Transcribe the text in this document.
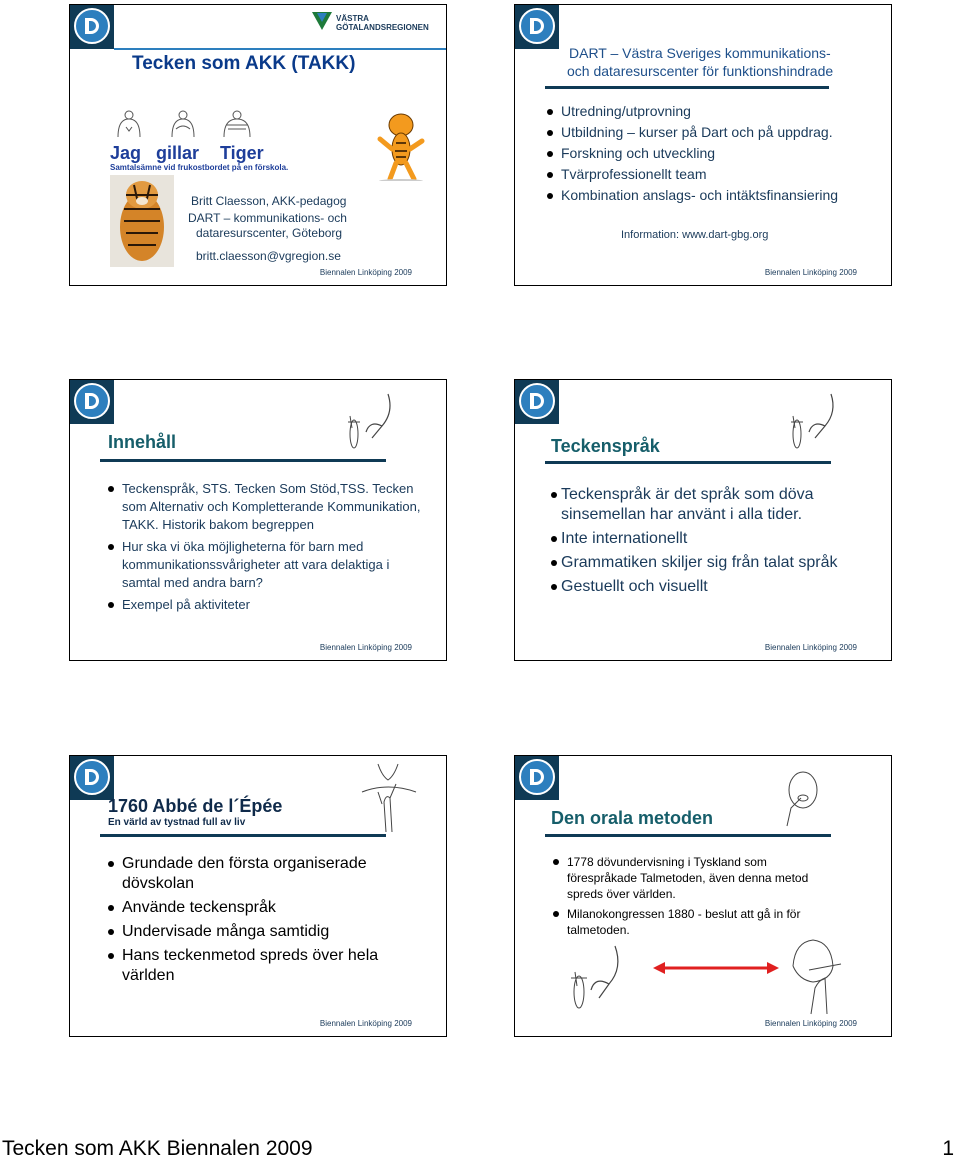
VÄSTRA GÖTALANDSREGIONEN
Tecken som AKK (TAKK)
Jag gillar Tiger
Samtalsämne vid frukostbordet på en förskola.
Britt Claesson, AKK-pedagog
DART – kommunikations- och
dataresurscenter, Göteborg
britt.claesson@vgregion.se
Biennalen Linköping 2009
DART – Västra Sveriges kommunikations-
och dataresurscenter för funktionshindrade
Utredning/utprovning
Utbildning – kurser på Dart och på uppdrag.
Forskning och utveckling
Tvärprofessionellt team
Kombination anslags- och intäktsfinansiering
Information: www.dart-gbg.org
Biennalen Linköping 2009
Innehåll
Teckenspråk, STS. Tecken Som Stöd,TSS. Tecken som Alternativ och Kompletterande Kommunikation, TAKK. Historik bakom begreppen
Hur ska vi öka möjligheterna för barn med kommunikationssvårigheter att vara delaktiga i samtal med andra barn?
Exempel på aktiviteter
Biennalen Linköping 2009
Teckenspråk
Teckenspråk är det språk som döva sinsemellan har använt i alla tider.
Inte internationellt
Grammatiken skiljer sig från talat språk
Gestuellt och visuellt
Biennalen Linköping 2009
1760 Abbé de l´Épée
En värld av tystnad full av liv
Grundade den första organiserade dövskolan
Använde teckenspråk
Undervisade många samtidig
Hans teckenmetod spreds över hela världen
Biennalen Linköping 2009
Den orala metoden
1778 dövundervisning i Tyskland som förespråkade Talmetoden, även denna metod spreds över världen.
Milanokongressen 1880 - beslut att gå in för talmetoden.
Biennalen Linköping 2009
Tecken som AKK Biennalen 2009	1
